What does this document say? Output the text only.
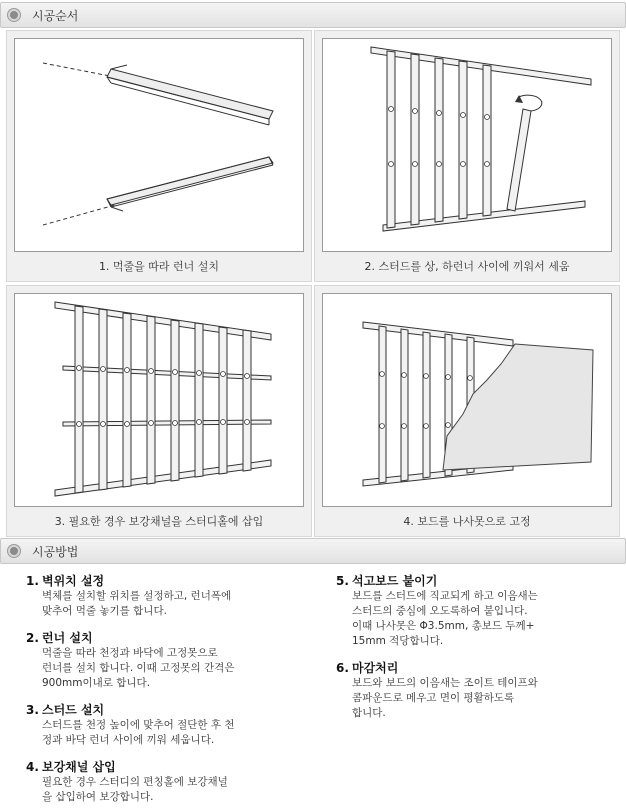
시공순서
1. 먹줄을 따라 런너 설치	2. 스터드를 상, 하런너 사이에 끼워서 세움
3. 필요한 경우 보강채널을 스터디홀에 삽입	4. 보드를 나사못으로 고정
시공방법
1. 벽위치 설정
벽체를 설치할 위치를 설정하고, 런너폭에
맞추어 먹줄 놓기를 합니다.
2. 런너 설치
먹줄을 따라 천정과 바닥에 고정못으로
런너를 설치 합니다. 이때 고정못의 간격은
900mm이내로 합니다.
3. 스터드 설치
스터드를 천정 높이에 맞추어 절단한 후 천
정과 바닥 런너 사이에 끼워 세웁니다.
4. 보강채널 삽입
필요한 경우 스터디의 편칭홀에 보강채널
을 삽입하여 보강합니다.
5. 석고보드 붙이기
보드를 스터드에 직교되게 하고 이음새는
스터드의 중심에 오도록하여 붙입니다.
이때 나사못은 Φ3.5mm, 총보드 두께+
15mm 적당합니다.
6. 마감처리
보드와 보드의 이음새는 조이트 테이프와
콤파운드로 메우고 면이 평활하도록
합니다.
